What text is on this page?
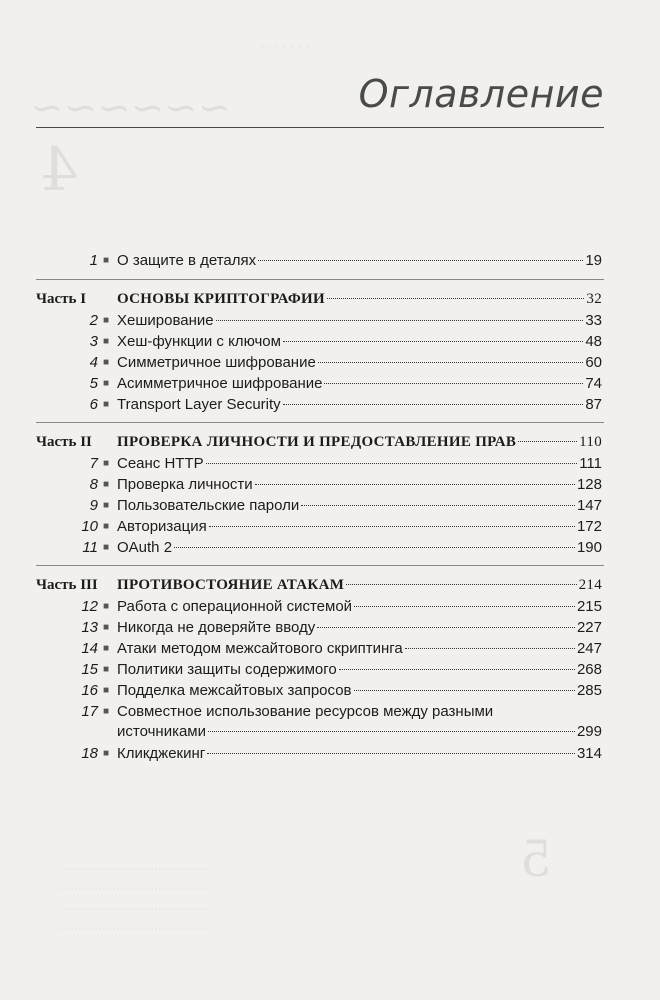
· · · · · · ·
~~~~~~
4
Оглавление
1 ■ О защите в деталях	19
Часть I ОСНОВЫ КРИПТОГРАФИИ	32
2 ■ Хеширование	33
3 ■ Хеш-функции с ключом	48
4 ■ Симметричное шифрование	60
5 ■ Асимметричное шифрование	74
6 ■ Transport Layer Security	87
Часть II ПРОВЕРКА ЛИЧНОСТИ И ПРЕДОСТАВЛЕНИЕ ПРАВ	110
7 ■ Сеанс HTTP	111
8 ■ Проверка личности	128
9 ■ Пользовательские пароли	147
10 ■ Авторизация	172
11 ■ OAuth 2	190
Часть III ПРОТИВОСТОЯНИЕ АТАКАМ	214
12 ■ Работа с операционной системой	215
13 ■ Никогда не доверяйте вводу	227
14 ■ Атаки методом межсайтового скриптинга	247
15 ■ Политики защиты содержимого	268
16 ■ Подделка межсайтовых запросов	285
17 ■ Совместное использование ресурсов между разными
источниками	299
18 ■ Кликджекинг	314
5
··········································
··········································
··········································
··········································
